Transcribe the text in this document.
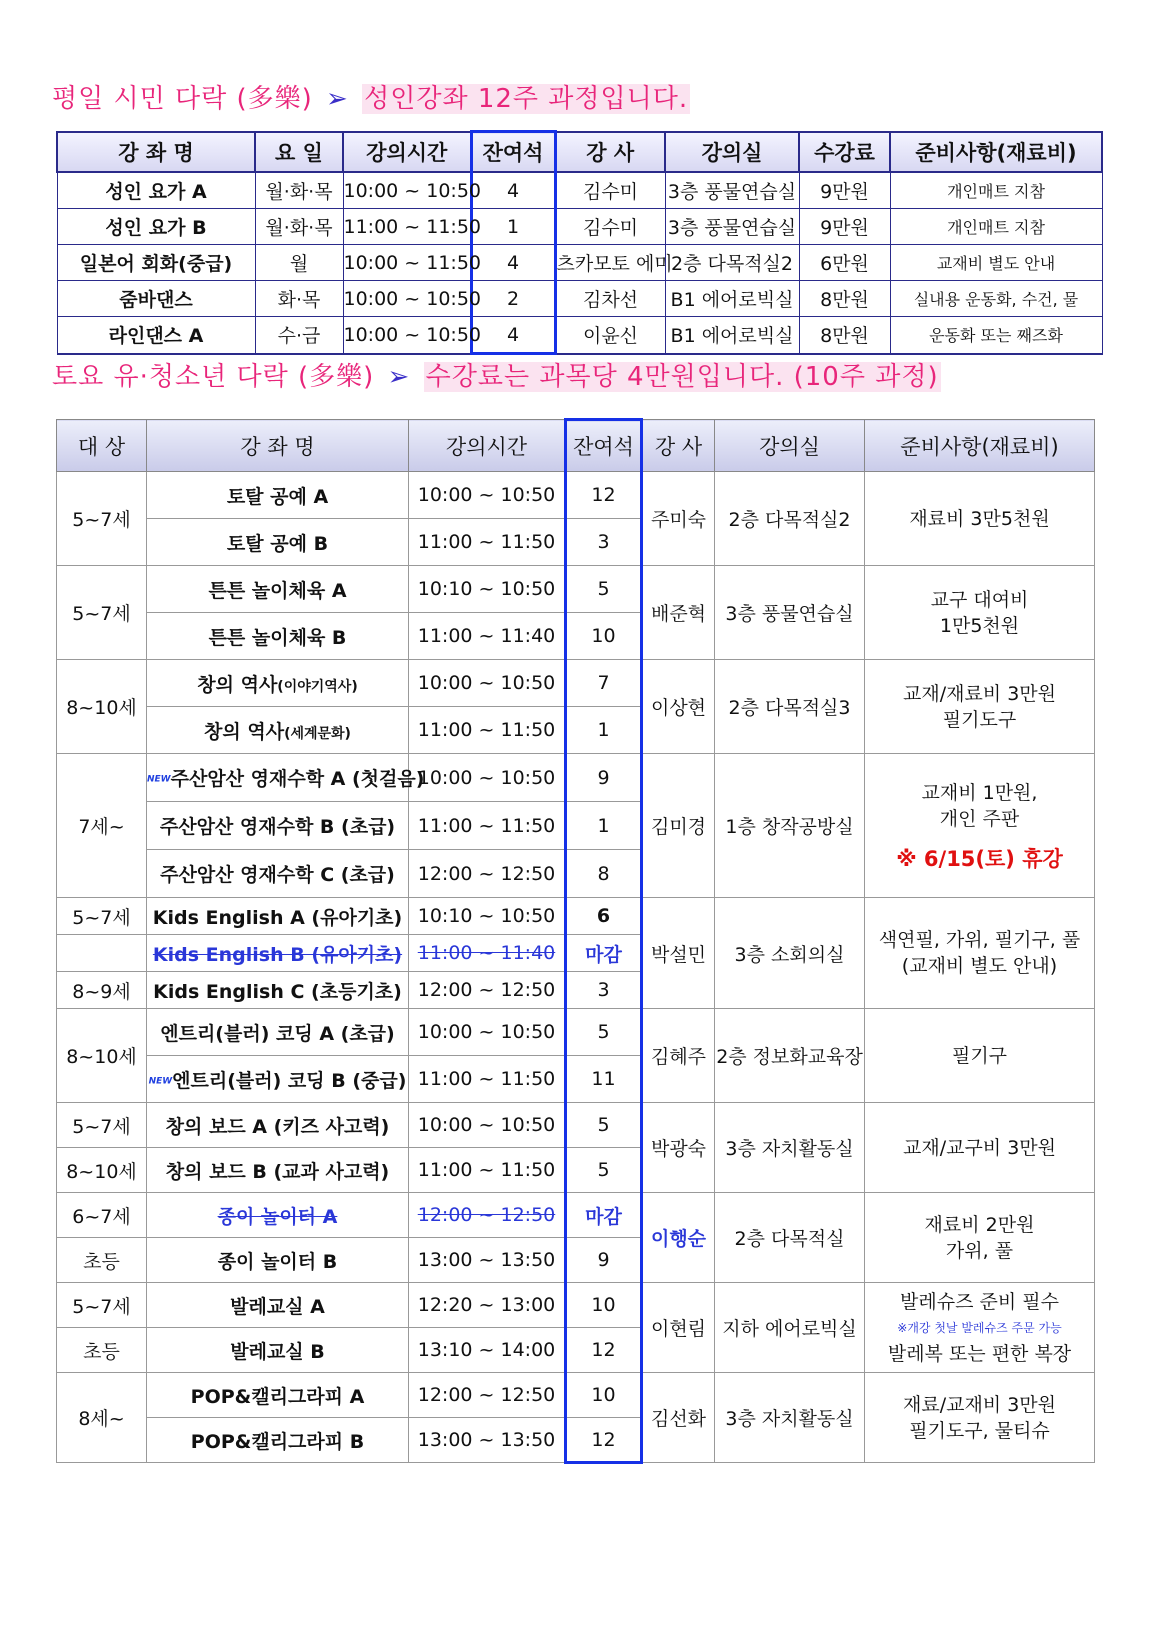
평일 시민 다락 (多樂) ➢ 성인강좌 12주 과정입니다.
강 좌 명	요 일	강의시간	잔여석	강 사	강의실	수강료	준비사항(재료비)
성인 요가 A	월·화·목	10:00 ~ 10:50	4	김수미	3층 풍물연습실	9만원	개인매트 지참
성인 요가 B	월·화·목	11:00 ~ 11:50	1	김수미	3층 풍물연습실	9만원	개인매트 지참
일본어 회화(중급)	월	10:00 ~ 11:50	4	츠카모토 에미	2층 다목적실2	6만원	교재비 별도 안내
줌바댄스	화·목	10:00 ~ 10:50	2	김차선	B1 에어로빅실	8만원	실내용 운동화, 수건, 물
라인댄스 A	수·금	10:00 ~ 10:50	4	이윤신	B1 에어로빅실	8만원	운동화 또는 째즈화
토요 유·청소년 다락 (多樂) ➢ 수강료는 과목당 4만원입니다. (10주 과정)
대 상	강 좌 명	강의시간	잔여석	강 사	강의실	준비사항(재료비)
5~7세	토탈 공예 A	10:00 ~ 10:50	12	주미숙	2층 다목적실2	재료비 3만5천원

	토탈 공예 B	11:00 ~ 11:50	3			
5~7세	튼튼 놀이체육 A	10:10 ~ 10:50	5	배준혁	3층 풍물연습실	교구 대여비
1만5천원

	튼튼 놀이체육 B	11:00 ~ 11:40	10			
8~10세	창의 역사(이야기역사)	10:00 ~ 10:50	7	이상현	2층 다목적실3	교재/재료비 3만원
필기도구

	창의 역사(세계문화)	11:00 ~ 11:50	1			
7세~	NEW주산암산 영재수학 A (첫걸음)	10:00 ~ 10:50	9	김미경	1층 창작공방실	교재비 1만원,
개인 주판
※ 6/15(토) 휴강

	주산암산 영재수학 B (초급)	11:00 ~ 11:50	1			
	주산암산 영재수학 C (초급)	12:00 ~ 12:50	8			
5~7세	Kids English A (유아기초)	10:10 ~ 10:50	6	박설민	3층 소회의실	색연필, 가위, 필기구, 풀
(교재비 별도 안내)

	Kids English B (유아기초)	11:00 ~ 11:40	마감			
8~9세	Kids English C (초등기초)	12:00 ~ 12:50	3			
8~10세	엔트리(블러) 코딩 A (초급)	10:00 ~ 10:50	5	김혜주	2층 정보화교육장	필기구

	NEW엔트리(블러) 코딩 B (중급)	11:00 ~ 11:50	11			
5~7세	창의 보드 A (키즈 사고력)	10:00 ~ 10:50	5	박광숙	3층 자치활동실	교재/교구비 3만원

8~10세	창의 보드 B (교과 사고력)	11:00 ~ 11:50	5			
6~7세	종이 놀이터 A	12:00 ~ 12:50	마감	이행순	2층 다목적실	재료비 2만원
가위, 풀

초등	종이 놀이터 B	13:00 ~ 13:50	9			
5~7세	발레교실 A	12:20 ~ 13:00	10	이현림	지하 에어로빅실	발레슈즈 준비 필수
※개강 첫날 발레슈즈 주문 가능
발레복 또는 편한 복장

초등	발레교실 B	13:10 ~ 14:00	12			
8세~	POP&캘리그라피 A	12:00 ~ 12:50	10	김선화	3층 자치활동실	재료/교재비 3만원
필기도구, 물티슈

	POP&캘리그라피 B	13:00 ~ 13:50	12			
